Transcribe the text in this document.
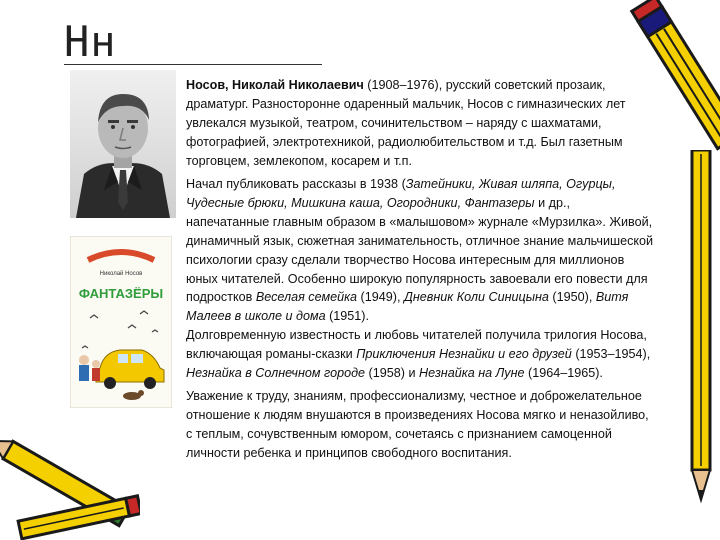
Нн
Николай Носов
ФАНТАЗЁРЫ

Носов, Николай Николаевич (1908–1976), русский советский прозаик, драматург. Разносторонне одаренный мальчик, Носов с гимназических лет увлекался музыкой, театром, сочинительством – наряду с шахматами, фотографией, электротехникой, радиолюбительством и т.д. Был газетным торговцем, землекопом, косарем и т.п.

Начал публиковать рассказы в 1938 (Затейники, Живая шляпа, Огурцы, Чудесные брюки, Мишкина каша, Огородники, Фантазеры и др., напечатанные главным образом в «малышовом» журнале «Мурзилка». Живой, динамичный язык, сюжетная занимательность, отличное знание мальчишеской психологии сразу сделали творчество Носова интересным для миллионов юных читателей. Особенно широкую популярность завоевали его повести для подростков Веселая семейка (1949), Дневник Коли Синицына (1950), Витя Малеев в школе и дома (1951).
Долговременную известность и любовь читателей получила трилогия Носова, включающая романы-сказки Приключения Незнайки и его друзей (1953–1954), Незнайка в Солнечном городе (1958) и Незнайка на Луне (1964–1965).

Уважение к труду, знаниям, профессионализму, честное и доброжелательное отношение к людям внушаются в произведениях Носова мягко и неназойливо, с теплым, сочувственным юмором, сочетаясь с признанием самоценной личности ребенка и принципов свободного воспитания.
